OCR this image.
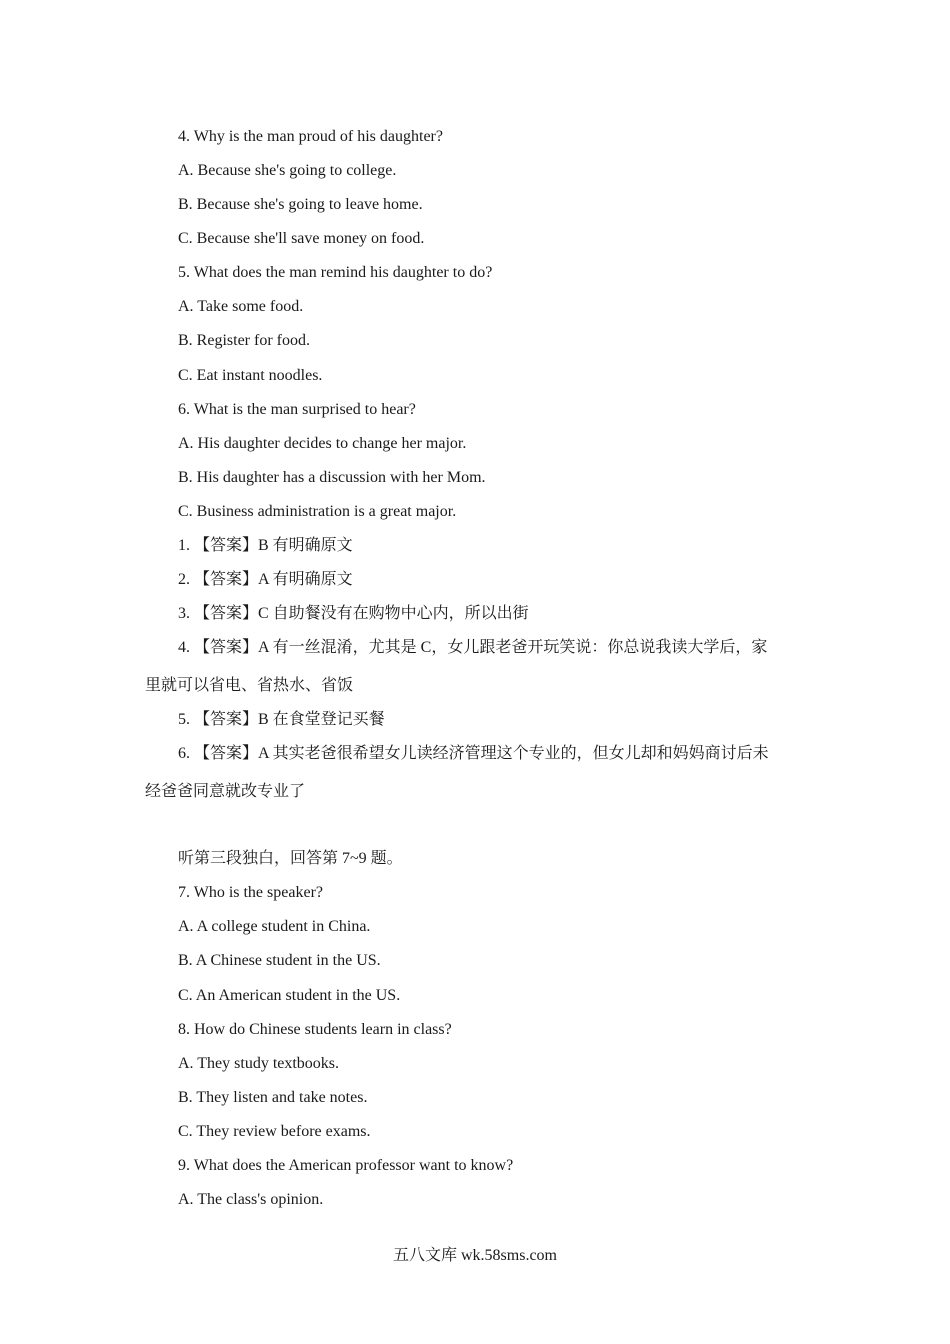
4. Why is the man proud of his daughter?
A. Because she's going to college.
B. Because she's going to leave home.
C. Because she'll save money on food.
5. What does the man remind his daughter to do?
A. Take some food.
B. Register for food.
C. Eat instant noodles.
6. What is the man surprised to hear?
A. His daughter decides to change her major.
B. His daughter has a discussion with her Mom.
C. Business administration is a great major.
1. 【答案】B 有明确原文
2. 【答案】A 有明确原文
3. 【答案】C 自助餐没有在购物中心内，所以出街
4. 【答案】A 有一丝混淆，尤其是 C，女儿跟老爸开玩笑说：你总说我读大学后，家
里就可以省电、省热水、省饭
5. 【答案】B 在食堂登记买餐
6. 【答案】A 其实老爸很希望女儿读经济管理这个专业的，但女儿却和妈妈商讨后未
经爸爸同意就改专业了
听第三段独白，回答第 7~9 题。
7. Who is the speaker?
A. A college student in China.
B. A Chinese student in the US.
C. An American student in the US.
8. How do Chinese students learn in class?
A. They study textbooks.
B. They listen and take notes.
C. They review before exams.
9. What does the American professor want to know?
A. The class's opinion.
五八文库 wk.58sms.com
